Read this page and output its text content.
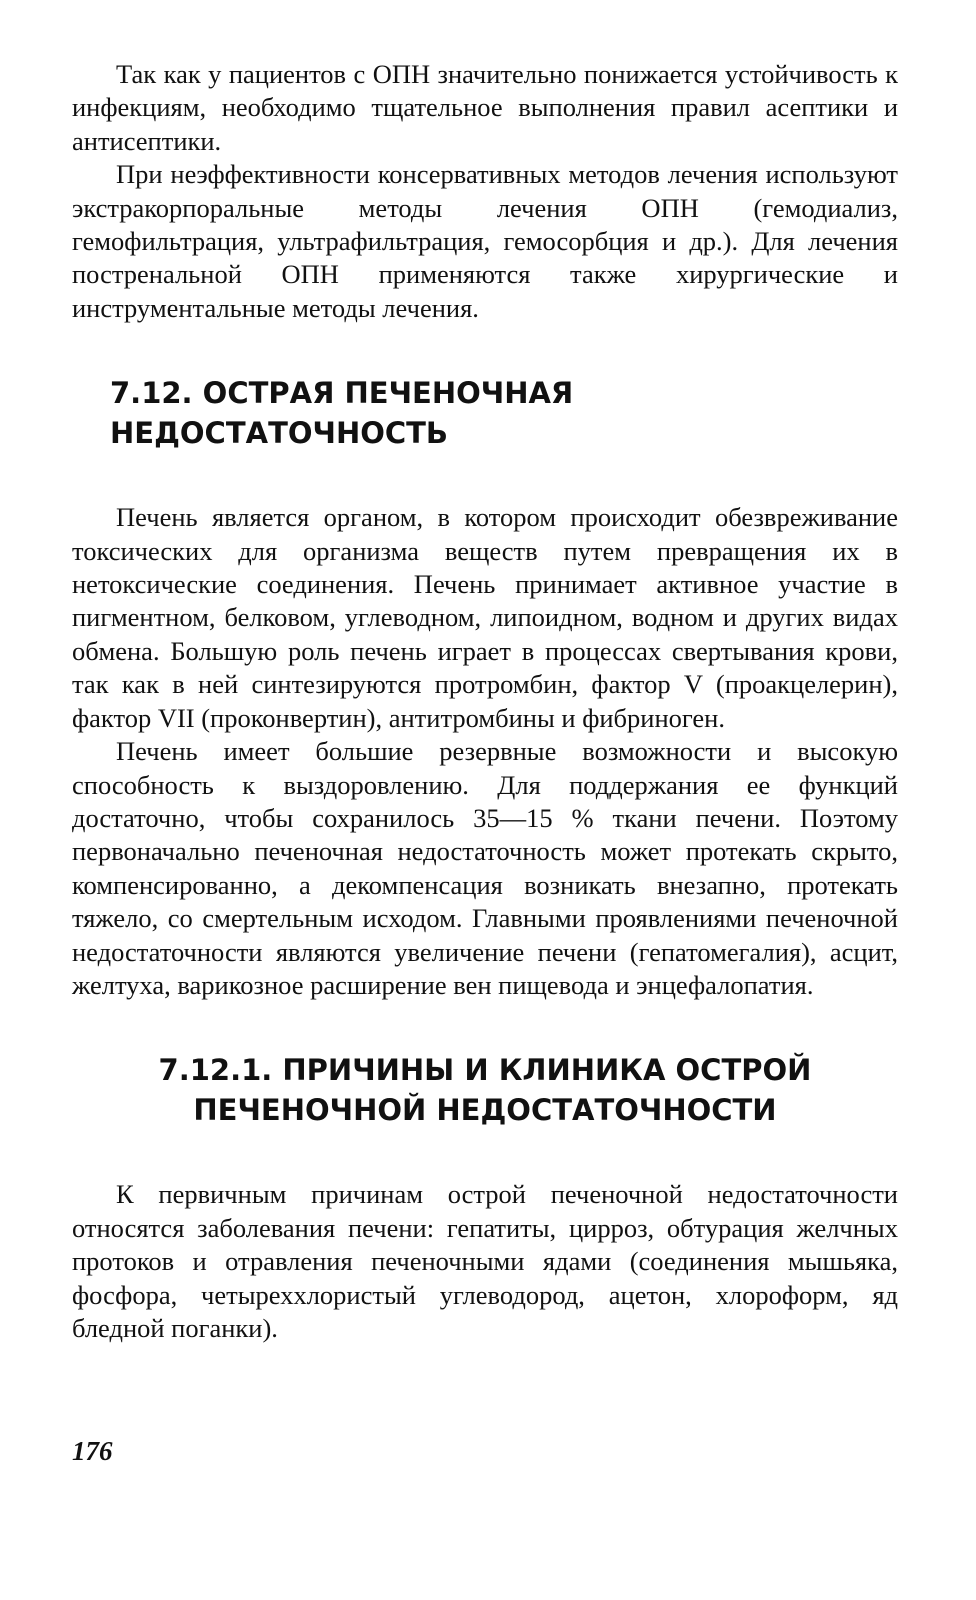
Так как у пациентов с ОПН значительно понижается устойчивость к инфекциям, необходимо тщательное выполнения правил асептики и антисептики.

При неэффективности консервативных методов лечения используют экстракорпоральные методы лечения ОПН (гемодиализ, гемофильтрация, ультрафильтрация, гемосорбция и др.). Для лечения постренальной ОПН применяются также хирургические и инструментальные методы лечения.

7.12. ОСТРАЯ ПЕЧЕНОЧНАЯ НЕДОСТАТОЧНОСТЬ

Печень является органом, в котором происходит обезвреживание токсических для организма веществ путем превращения их в нетоксические соединения. Печень принимает активное участие в пигментном, белковом, углеводном, липоидном, водном и других видах обмена. Большую роль печень играет в процессах свертывания крови, так как в ней синтезируются протромбин, фактор V (проакцелерин), фактор VII (проконвертин), антитромбины и фибриноген.

Печень имеет большие резервные возможности и высокую способность к выздоровлению. Для поддержания ее функций достаточно, чтобы сохранилось 35—15 % ткани печени. Поэтому первоначально печеночная недостаточность может протекать скрыто, компенсированно, а декомпенсация возникать внезапно, протекать тяжело, со смертельным исходом. Главными проявлениями печеночной недостаточности являются увеличение печени (гепатомегалия), асцит, желтуха, варикозное расширение вен пищевода и энцефалопатия.

7.12.1. ПРИЧИНЫ И КЛИНИКА ОСТРОЙ
ПЕЧЕНОЧНОЙ НЕДОСТАТОЧНОСТИ

К первичным причинам острой печеночной недостаточности относятся заболевания печени: гепатиты, цирроз, обтурация желчных протоков и отравления печеночными ядами (соединения мышьяка, фосфора, четыреххлористый углеводород, ацетон, хлороформ, яд бледной поганки).

176
